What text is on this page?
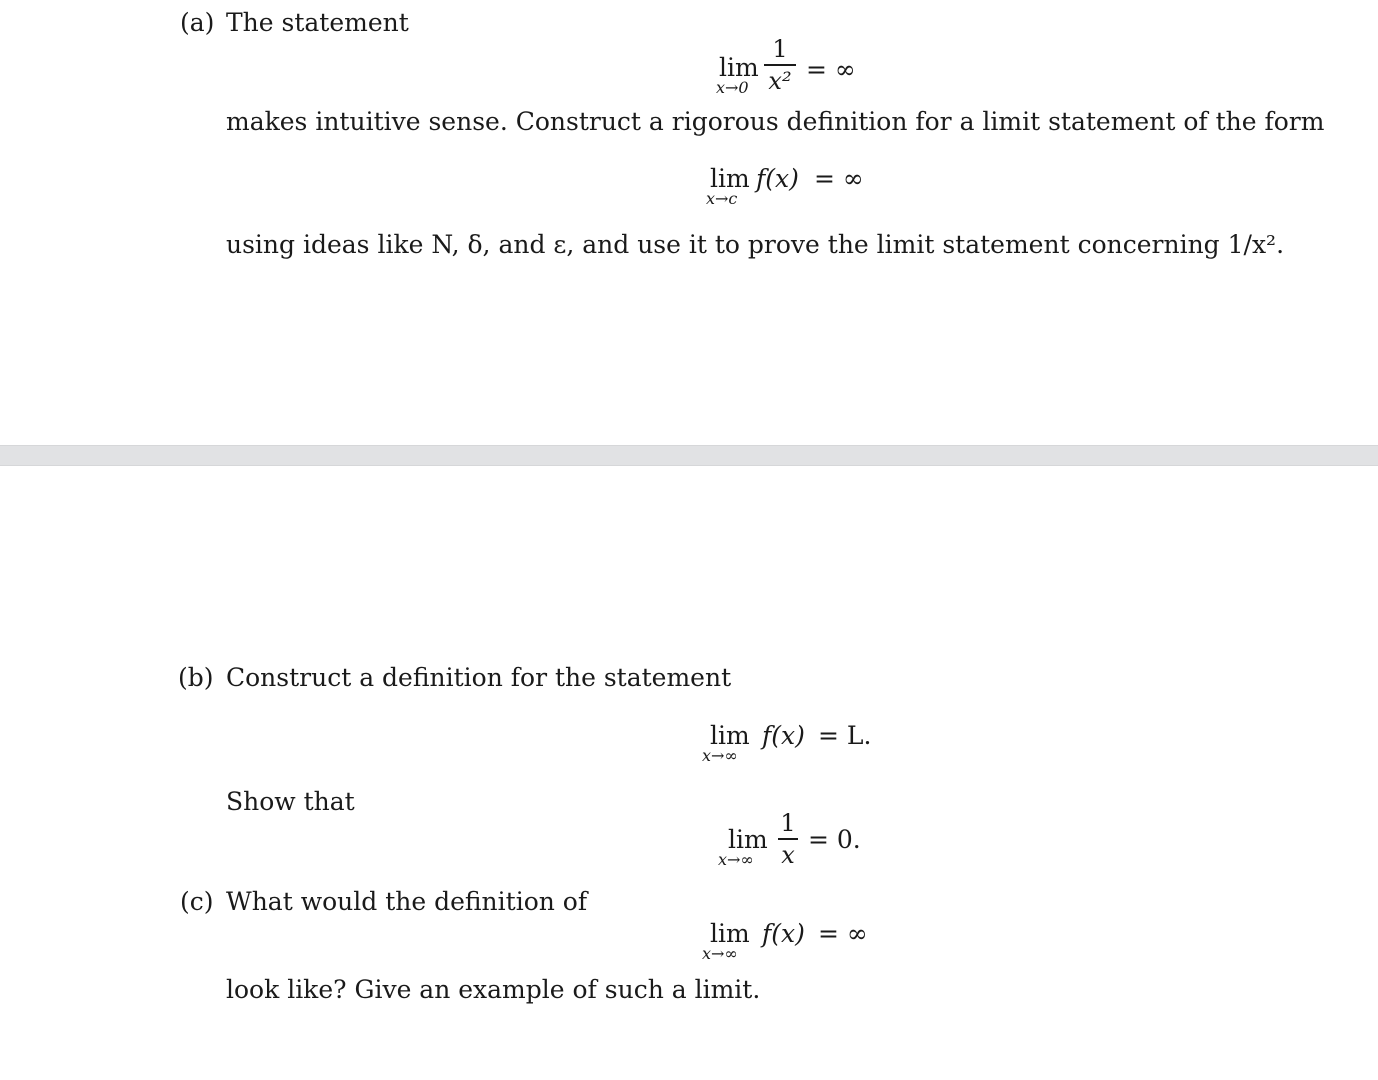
(a) The statement
lim
x→0
1
x² = ∞
makes intuitive sense. Construct a rigorous definition for a limit statement of the form
lim
x→c
f(x) = ∞
using ideas like N, δ, and ε, and use it to prove the limit statement concerning 1/x².
(b) Construct a definition for the statement
lim
x→∞
f(x) = L.
Show that
lim
x→∞
1
x
= 0.
(c) What would the definition of
lim
x→∞
f(x) = ∞
look like? Give an example of such a limit.
